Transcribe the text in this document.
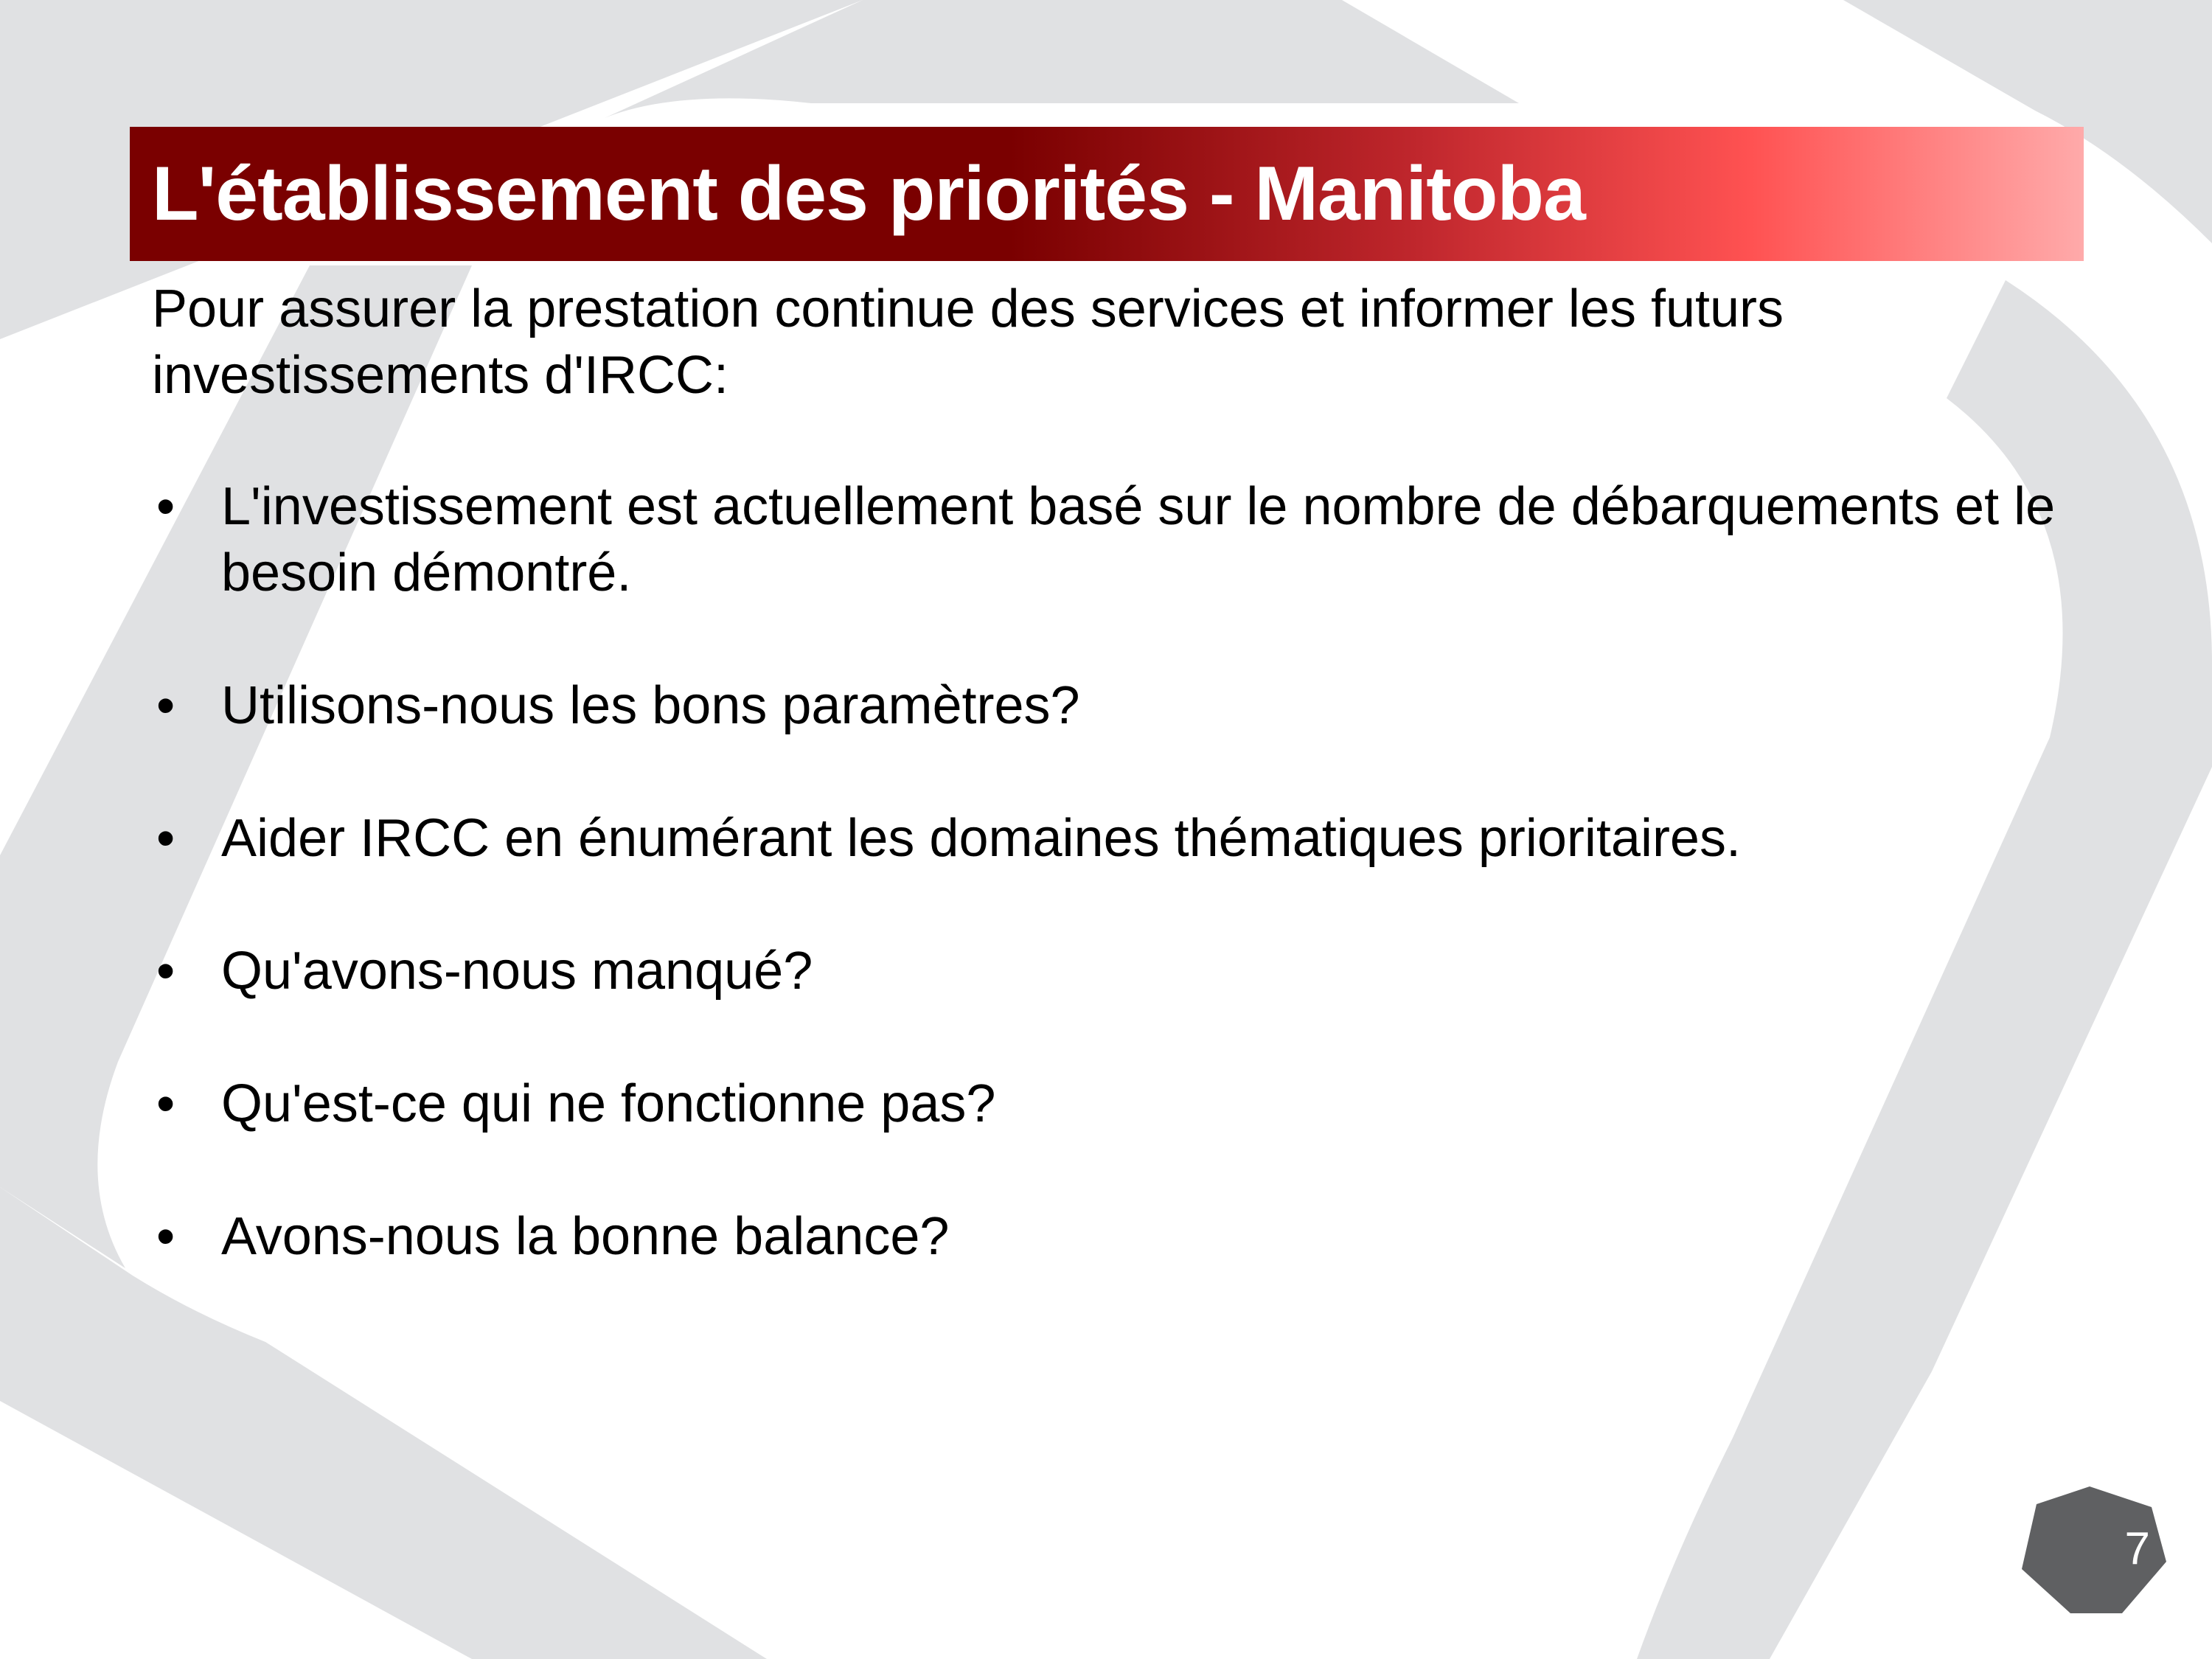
L'établissement des priorités - Manitoba

Pour assurer la prestation continue des services et informer les futurs investissements d'IRCC:

• L'investissement est actuellement basé sur le nombre de débarquements et le besoin démontré.
• Utilisons-nous les bons paramètres?
• Aider IRCC en énumérant les domaines thématiques prioritaires.
• Qu'avons-nous manqué?
• Qu'est-ce qui ne fonctionne pas?
• Avons-nous la bonne balance?
7
